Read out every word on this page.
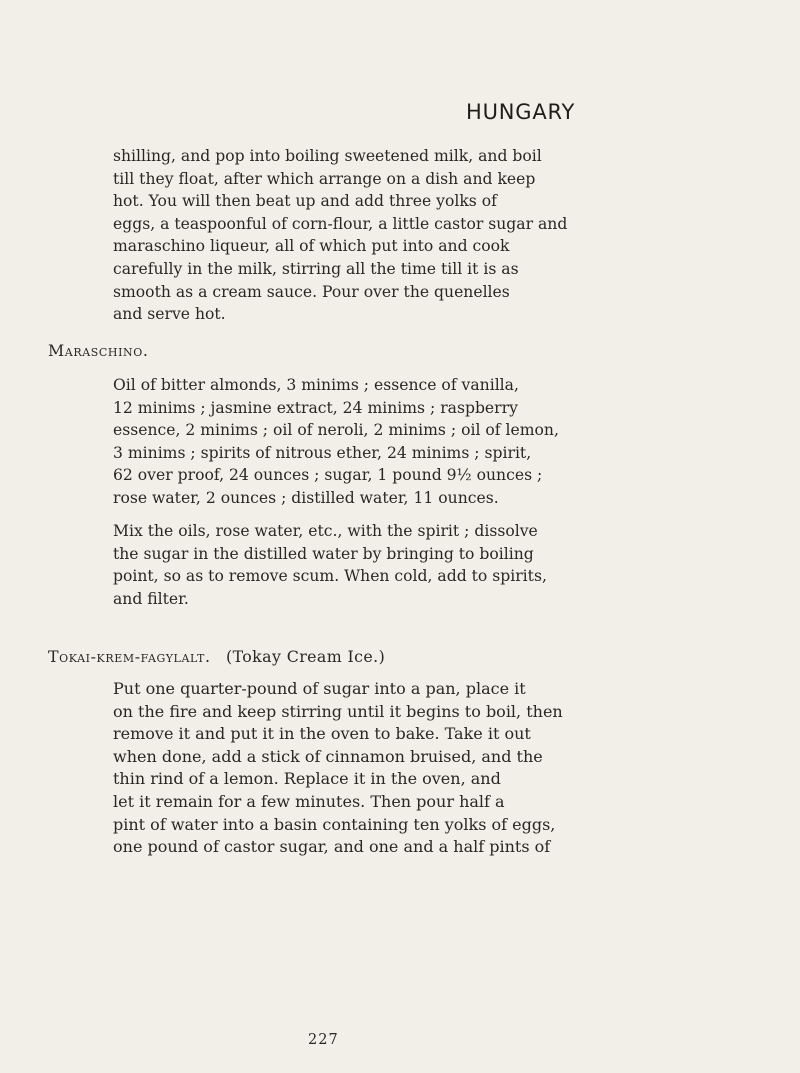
HUNGARY
shilling, and pop into boiling sweetened milk, and boil
till they float, after which arrange on a dish and keep
hot. You will then beat up and add three yolks of
eggs, a teaspoonful of corn-flour, a little castor sugar and
maraschino liqueur, all of which put into and cook
carefully in the milk, stirring all the time till it is as
smooth as a cream sauce. Pour over the quenelles
and serve hot.
Maraschino.
Oil of bitter almonds, 3 minims ; essence of vanilla,
12 minims ; jasmine extract, 24 minims ; raspberry
essence, 2 minims ; oil of neroli, 2 minims ; oil of lemon,
3 minims ; spirits of nitrous ether, 24 minims ; spirit,
62 over proof, 24 ounces ; sugar, 1 pound 9½ ounces ;
rose water, 2 ounces ; distilled water, 11 ounces.
Mix the oils, rose water, etc., with the spirit ; dissolve
the sugar in the distilled water by bringing to boiling
point, so as to remove scum. When cold, add to spirits,
and filter.
Tokai-krem-fagylalt. (Tokay Cream Ice.)
Put one quarter-pound of sugar into a pan, place it
on the fire and keep stirring until it begins to boil, then
remove it and put it in the oven to bake. Take it out
when done, add a stick of cinnamon bruised, and the
thin rind of a lemon. Replace it in the oven, and
let it remain for a few minutes. Then pour half a
pint of water into a basin containing ten yolks of eggs,
one pound of castor sugar, and one and a half pints of
227
